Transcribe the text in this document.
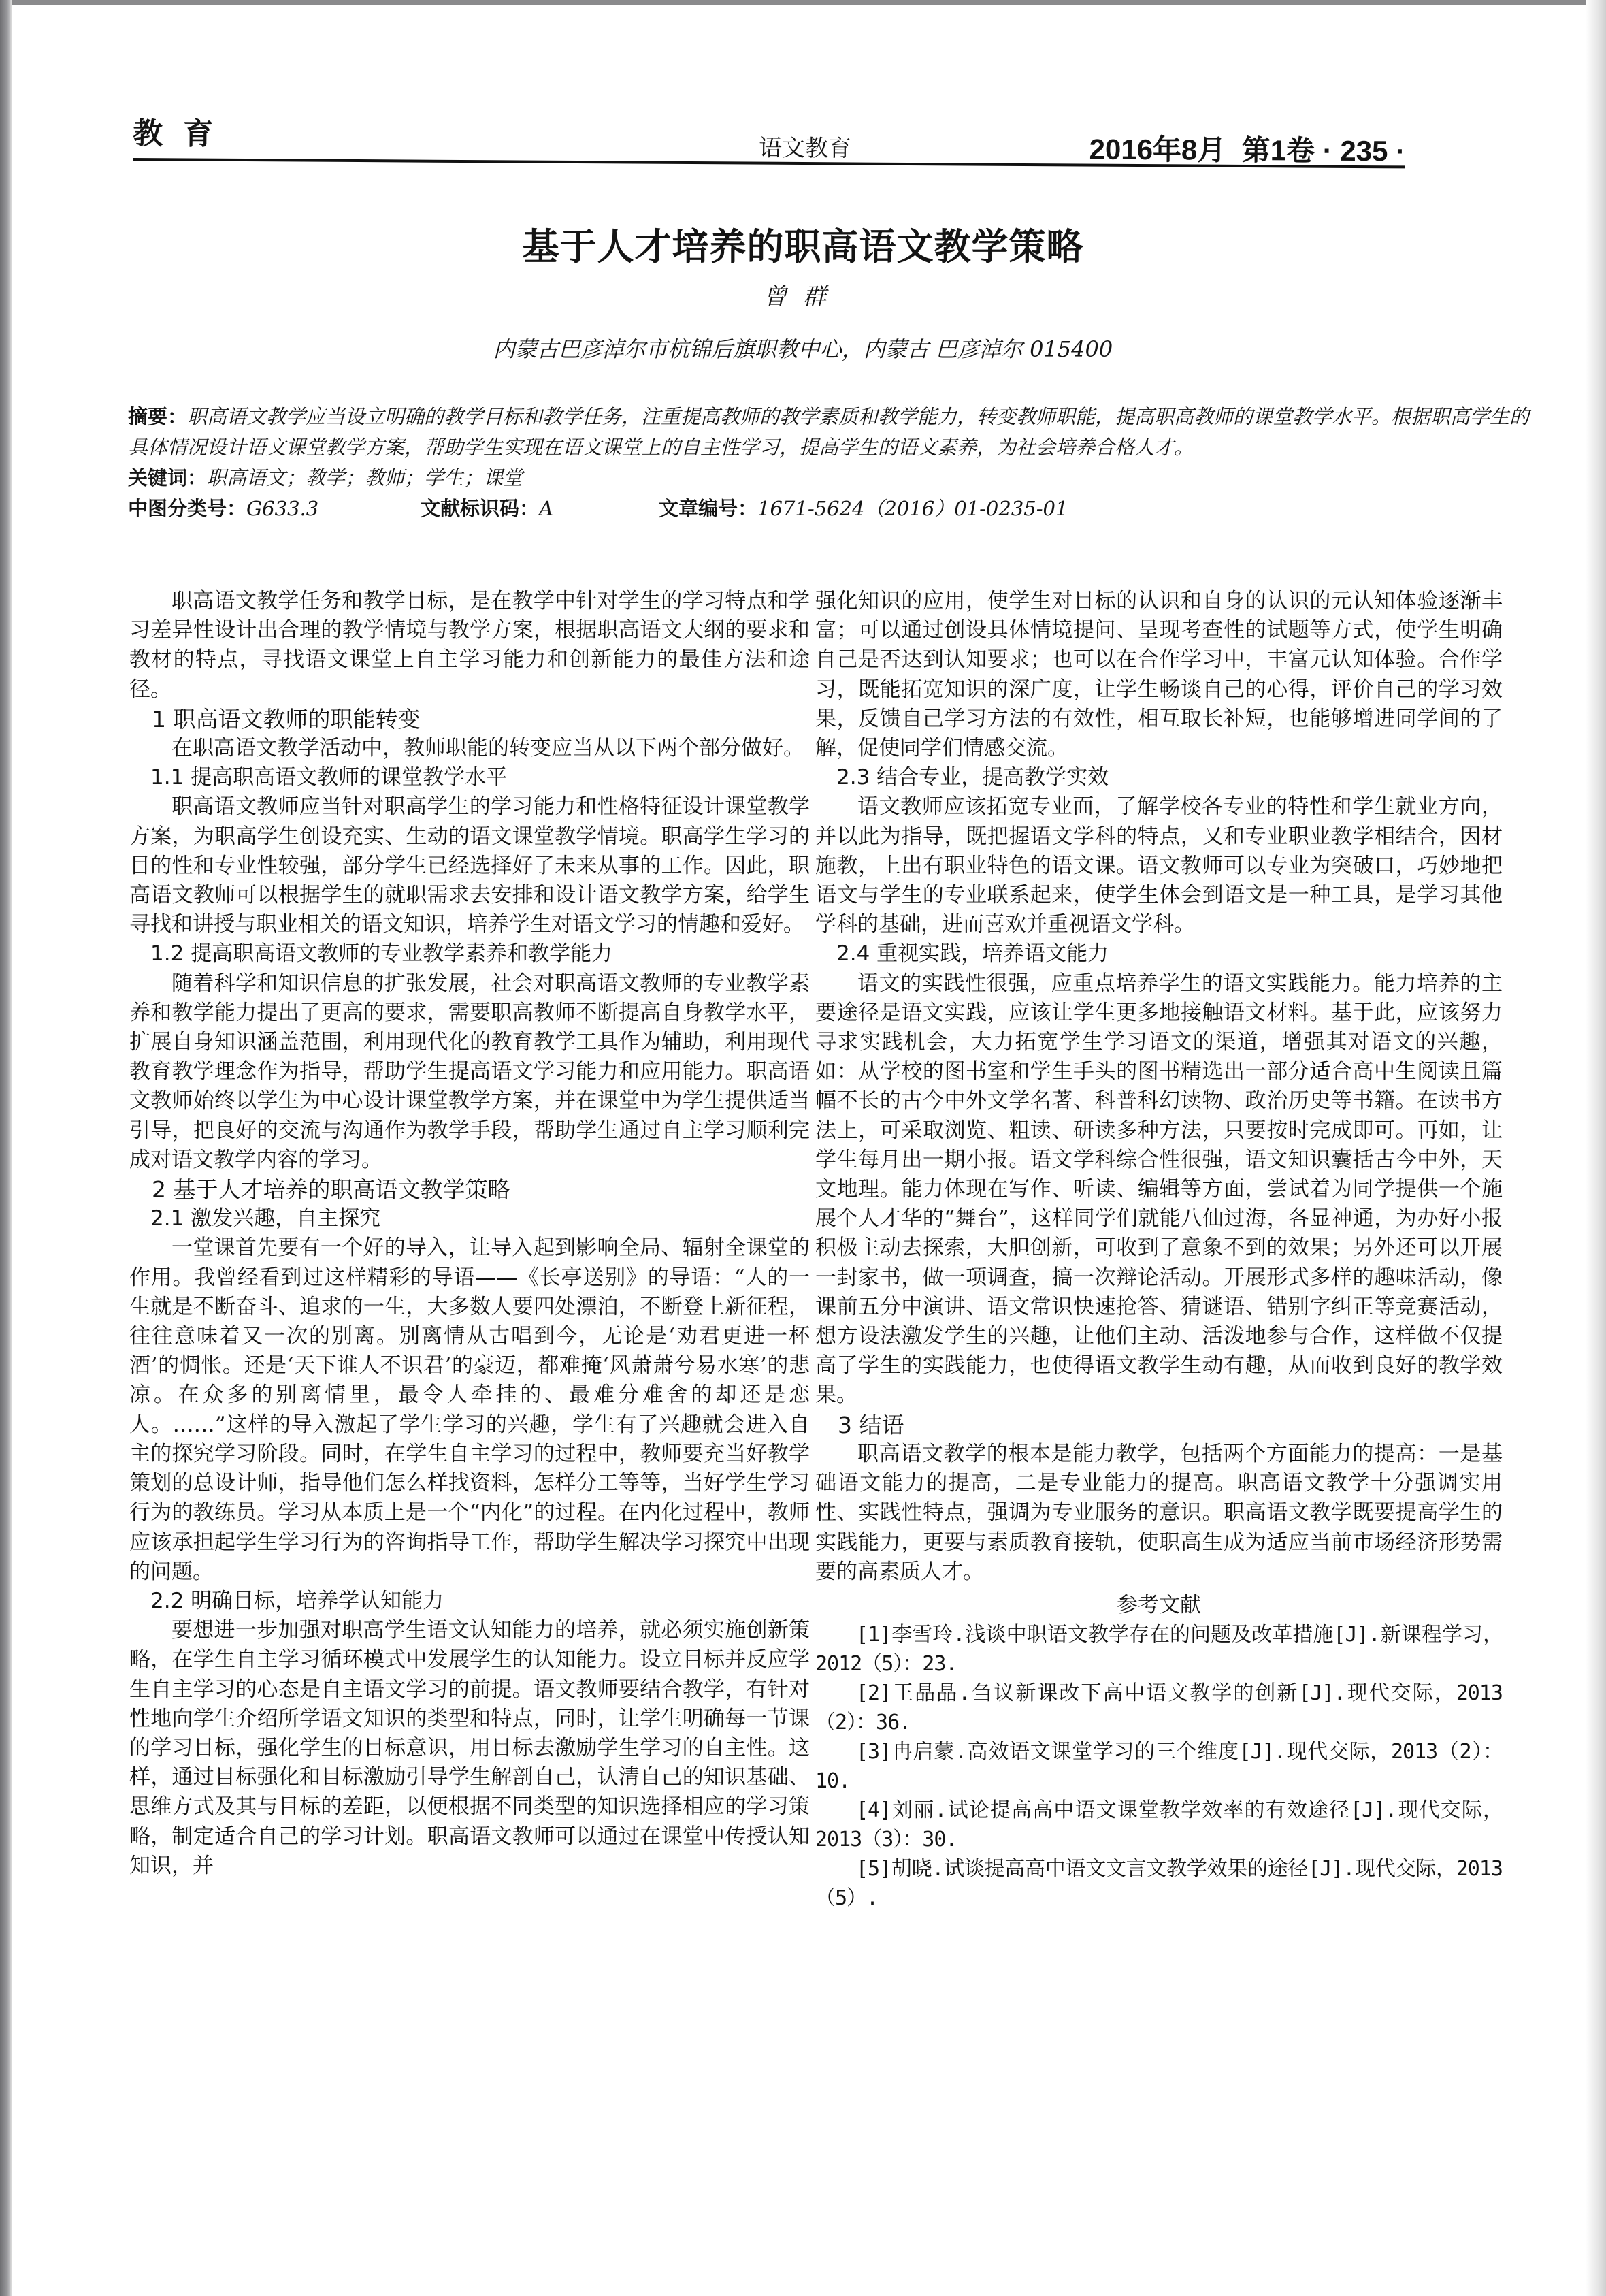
教育	语文教育	2016年8月  第1卷 · 235 ·
基于人才培养的职高语文教学策略
曾群
内蒙古巴彦淖尔市杭锦后旗职教中心，内蒙古 巴彦淖尔 015400
摘要：职高语文教学应当设立明确的教学目标和教学任务，注重提高教师的教学素质和教学能力，转变教师职能，提高职高教师的课堂教学水平。根据职高学生的具体情况设计语文课堂教学方案，帮助学生实现在语文课堂上的自主性学习，提高学生的语文素养，为社会培养合格人才。
关键词：职高语文；教学；教师；学生；课堂
中图分类号：G633.3	文献标识码：A	文章编号：1671-5624（2016）01-0235-01

职高语文教学任务和教学目标，是在教学中针对学生的学习特点和学习差异性设计出合理的教学情境与教学方案，根据职高语文大纲的要求和教材的特点，寻找语文课堂上自主学习能力和创新能力的最佳方法和途径。

1 职高语文教师的职能转变

在职高语文教学活动中，教师职能的转变应当从以下两个部分做好。

1.1 提高职高语文教师的课堂教学水平

职高语文教师应当针对职高学生的学习能力和性格特征设计课堂教学方案，为职高学生创设充实、生动的语文课堂教学情境。职高学生学习的目的性和专业性较强，部分学生已经选择好了未来从事的工作。因此，职高语文教师可以根据学生的就职需求去安排和设计语文教学方案，给学生寻找和讲授与职业相关的语文知识，培养学生对语文学习的情趣和爱好。

1.2 提高职高语文教师的专业教学素养和教学能力

随着科学和知识信息的扩张发展，社会对职高语文教师的专业教学素养和教学能力提出了更高的要求，需要职高教师不断提高自身教学水平，扩展自身知识涵盖范围，利用现代化的教育教学工具作为辅助，利用现代教育教学理念作为指导，帮助学生提高语文学习能力和应用能力。职高语文教师始终以学生为中心设计课堂教学方案，并在课堂中为学生提供适当引导，把良好的交流与沟通作为教学手段，帮助学生通过自主学习顺利完成对语文教学内容的学习。

2 基于人才培养的职高语文教学策略
2.1 激发兴趣，自主探究

一堂课首先要有一个好的导入，让导入起到影响全局、辐射全课堂的作用。我曾经看到过这样精彩的导语——《长亭送别》的导语：“人的一生就是不断奋斗、追求的一生，大多数人要四处漂泊，不断登上新征程，往往意味着又一次的别离。别离情从古唱到今，无论是‘劝君更进一杯酒’的惆怅。还是‘天下谁人不识君’的豪迈，都难掩‘风萧萧兮易水寒’的悲凉。在众多的别离情里，最令人牵挂的、最难分难舍的却还是恋人。……”这样的导入激起了学生学习的兴趣，学生有了兴趣就会进入自主的探究学习阶段。同时，在学生自主学习的过程中，教师要充当好教学策划的总设计师，指导他们怎么样找资料，怎样分工等等，当好学生学习行为的教练员。学习从本质上是一个“内化”的过程。在内化过程中，教师应该承担起学生学习行为的咨询指导工作，帮助学生解决学习探究中出现的问题。

2.2 明确目标，培养学认知能力

要想进一步加强对职高学生语文认知能力的培养，就必须实施创新策略，在学生自主学习循环模式中发展学生的认知能力。设立目标并反应学生自主学习的心态是自主语文学习的前提。语文教师要结合教学，有针对性地向学生介绍所学语文知识的类型和特点，同时，让学生明确每一节课的学习目标，强化学生的目标意识，用目标去激励学生学习的自主性。这样，通过目标强化和目标激励引导学生解剖自己，认清自己的知识基础、思维方式及其与目标的差距，以便根据不同类型的知识选择相应的学习策略，制定适合自己的学习计划。职高语文教师可以通过在课堂中传授认知知识，并

强化知识的应用，使学生对目标的认识和自身的认识的元认知体验逐渐丰富；可以通过创设具体情境提问、呈现考查性的试题等方式，使学生明确自己是否达到认知要求；也可以在合作学习中，丰富元认知体验。合作学习，既能拓宽知识的深广度，让学生畅谈自己的心得，评价自己的学习效果，反馈自己学习方法的有效性，相互取长补短，也能够增进同学间的了解，促使同学们情感交流。

2.3 结合专业，提高教学实效

语文教师应该拓宽专业面，了解学校各专业的特性和学生就业方向，并以此为指导，既把握语文学科的特点，又和专业职业教学相结合，因材施教，上出有职业特色的语文课。语文教师可以专业为突破口，巧妙地把语文与学生的专业联系起来，使学生体会到语文是一种工具，是学习其他学科的基础，进而喜欢并重视语文学科。

2.4 重视实践，培养语文能力

语文的实践性很强，应重点培养学生的语文实践能力。能力培养的主要途径是语文实践，应该让学生更多地接触语文材料。基于此，应该努力寻求实践机会，大力拓宽学生学习语文的渠道，增强其对语文的兴趣，如：从学校的图书室和学生手头的图书精选出一部分适合高中生阅读且篇幅不长的古今中外文学名著、科普科幻读物、政治历史等书籍。在读书方法上，可采取浏览、粗读、研读多种方法，只要按时完成即可。再如，让学生每月出一期小报。语文学科综合性很强，语文知识囊括古今中外，天文地理。能力体现在写作、听读、编辑等方面，尝试着为同学提供一个施展个人才华的“舞台”，这样同学们就能八仙过海，各显神通，为办好小报积极主动去探索，大胆创新，可收到了意象不到的效果；另外还可以开展一封家书，做一项调查，搞一次辩论活动。开展形式多样的趣味活动，像课前五分中演讲、语文常识快速抢答、猜谜语、错别字纠正等竞赛活动，想方设法激发学生的兴趣，让他们主动、活泼地参与合作，这样做不仅提高了学生的实践能力，也使得语文教学生动有趣，从而收到良好的教学效果。

3 结语

职高语文教学的根本是能力教学，包括两个方面能力的提高：一是基础语文能力的提高，二是专业能力的提高。职高语文教学十分强调实用性、实践性特点，强调为专业服务的意识。职高语文教学既要提高学生的实践能力，更要与素质教育接轨，使职高生成为适应当前市场经济形势需要的高素质人才。

参考文献

[1]李雪玲.浅谈中职语文教学存在的问题及改革措施[J].新课程学习，2012（5）：23.

[2]王晶晶.刍议新课改下高中语文教学的创新[J].现代交际，2013（2）：36.

[3]冉启蒙.高效语文课堂学习的三个维度[J].现代交际，2013（2）：10.

[4]刘丽.试论提高高中语文课堂教学效率的有效途径[J].现代交际，2013（3）：30.

[5]胡晓.试谈提高高中语文文言文教学效果的途径[J].现代交际，2013（5）.
